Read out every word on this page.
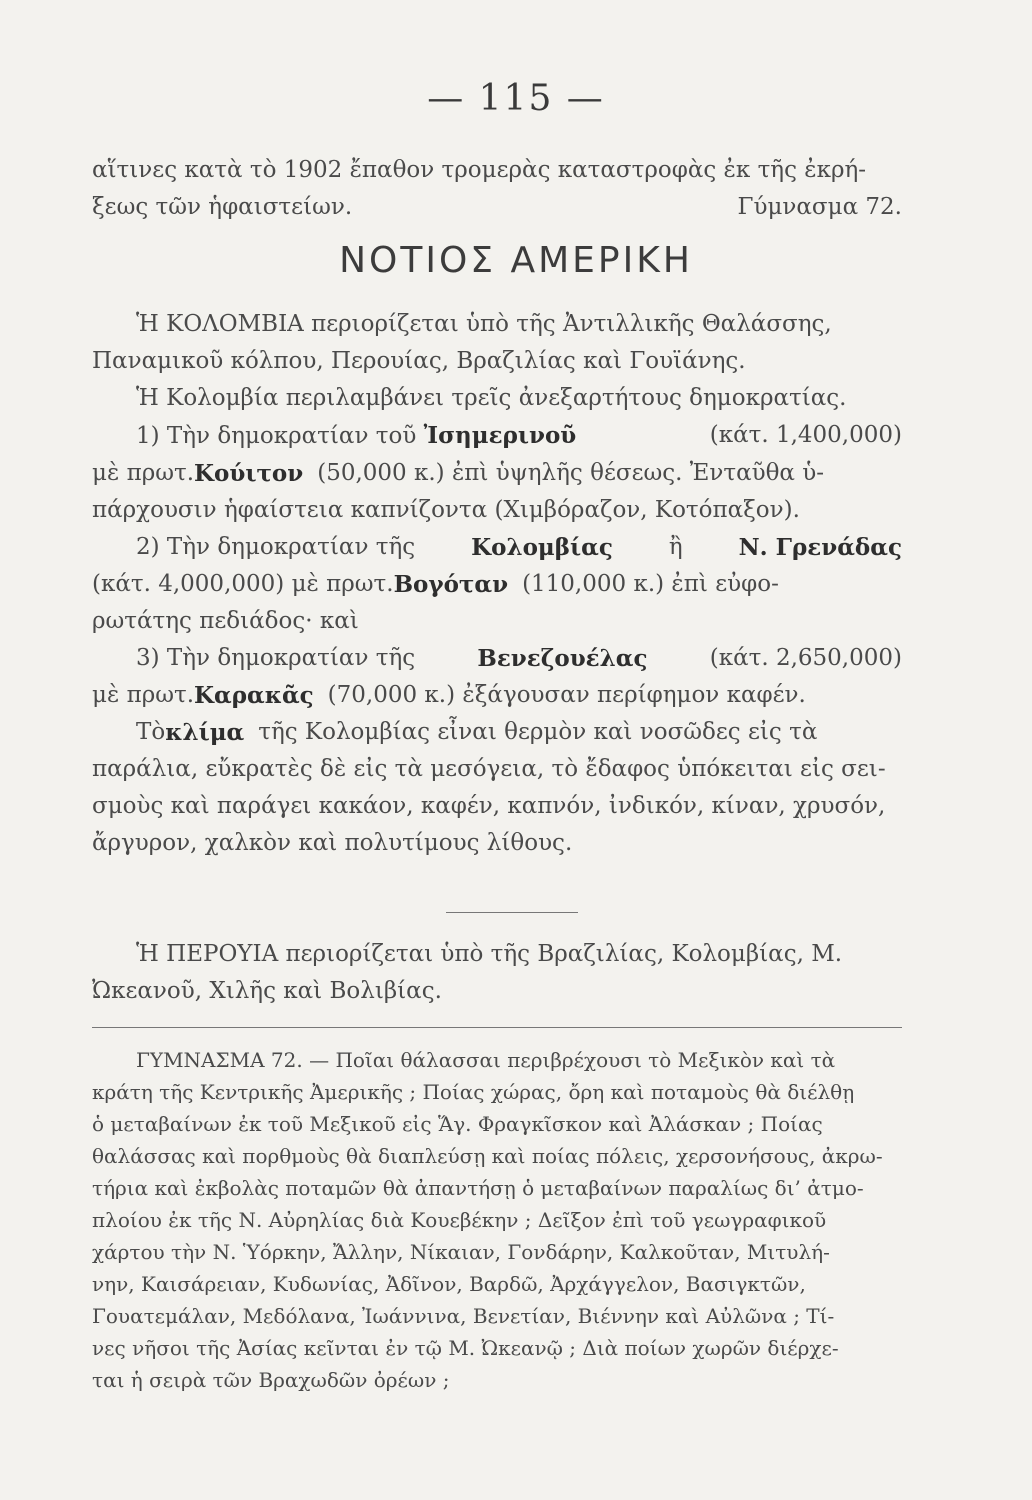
— 115 —
αἵτινες κατὰ τὸ 1902 ἔπαθον τρομερὰς καταστροφὰς ἐκ τῆς ἐκρή-
ξεως τῶν ἡφαιστείων.	Γύμνασμα 72.
ΝΟΤΙΟΣ ΑΜΕΡΙΚΗ
Ἡ ΚΟΛΟΜΒΙΑ περιορίζεται ὑπὸ τῆς Ἀντιλλικῆς Θαλάσσης,
Παναμικοῦ κόλπου, Περουίας, Βραζιλίας καὶ Γουϊάνης.
Ἡ Κολομβία περιλαμβάνει τρεῖς ἀνεξαρτήτους δημοκρατίας.
1) Τὴν δημοκρατίαν τοῦ Ἰσημερινοῦ	(κάτ. 1,400,000)
μὲ πρωτ. Κούιτον (50,000 κ.) ἐπὶ ὑψηλῆς θέσεως. Ἐνταῦθα ὑ-
πάρχουσιν ἡφαίστεια καπνίζοντα (Χιμβόραζον, Κοτόπαξον).
2) Τὴν δημοκρατίαν τῆς Κολομβίας ἢ Ν. Γρενάδας
(κάτ. 4,000,000) μὲ πρωτ. Βογόταν (110,000 κ.) ἐπὶ εὐφο-
ρωτάτης πεδιάδος· καὶ
3) Τὴν δημοκρατίαν τῆς	Βενεζουέλας	(κάτ. 2,650,000)
μὲ πρωτ. Καρακᾶς (70,000 κ.) ἐξάγουσαν περίφημον καφέν.
Τὸ κλίμα τῆς Κολομβίας εἶναι θερμὸν καὶ νοσῶδες εἰς τὰ
παράλια, εὔκρατὲς δὲ εἰς τὰ μεσόγεια, τὸ ἔδαφος ὑπόκειται εἰς σει-
σμοὺς καὶ παράγει κακάον, καφέν, καπνόν, ἰνδικόν, κίναν, χρυσόν,
ἄργυρον, χαλκὸν καὶ πολυτίμους λίθους.
Ἡ ΠΕΡΟΥΙΑ περιορίζεται ὑπὸ τῆς Βραζιλίας, Κολομβίας, Μ.
Ὠκεανοῦ, Χιλῆς καὶ Βολιβίας.
ΓΥΜΝΑΣΜΑ 72. — Ποῖαι θάλασσαι περιβρέχουσι τὸ Μεξικὸν καὶ τὰ
κράτη τῆς Κεντρικῆς Ἀμερικῆς ; Ποίας χώρας, ὄρη καὶ ποταμοὺς θὰ διέλθῃ
ὁ μεταβαίνων ἐκ τοῦ Μεξικοῦ εἰς Ἅγ. Φραγκῖσκον καὶ Ἀλάσκαν ; Ποίας
θαλάσσας καὶ πορθμοὺς θὰ διαπλεύσῃ καὶ ποίας πόλεις, χερσονήσους, ἀκρω-
τήρια καὶ ἐκβολὰς ποταμῶν θὰ ἀπαντήσῃ ὁ μεταβαίνων παραλίως δι’ ἀτμο-
πλοίου ἐκ τῆς Ν. Αὐρηλίας διὰ Κουεβέκην ; Δεῖξον ἐπὶ τοῦ γεωγραφικοῦ
χάρτου τὴν Ν. Ὑόρκην, Ἄλλην, Νίκαιαν, Γονδάρην, Καλκοῦταν, Μιτυλή-
νην, Καισάρειαν, Κυδωνίας, Ἀδῖνον, Βαρδῶ, Ἀρχάγγελον, Βασιγκτῶν,
Γουατεμάλαν, Μεδόλανα, Ἰωάννινα, Βενετίαν, Βιέννην καὶ Αὐλῶνα ; Τί-
νες νῆσοι τῆς Ἀσίας κεῖνται ἐν τῷ Μ. Ὠκεανῷ ; Διὰ ποίων χωρῶν διέρχε-
ται ἡ σειρὰ τῶν Βραχωδῶν ὀρέων ;
